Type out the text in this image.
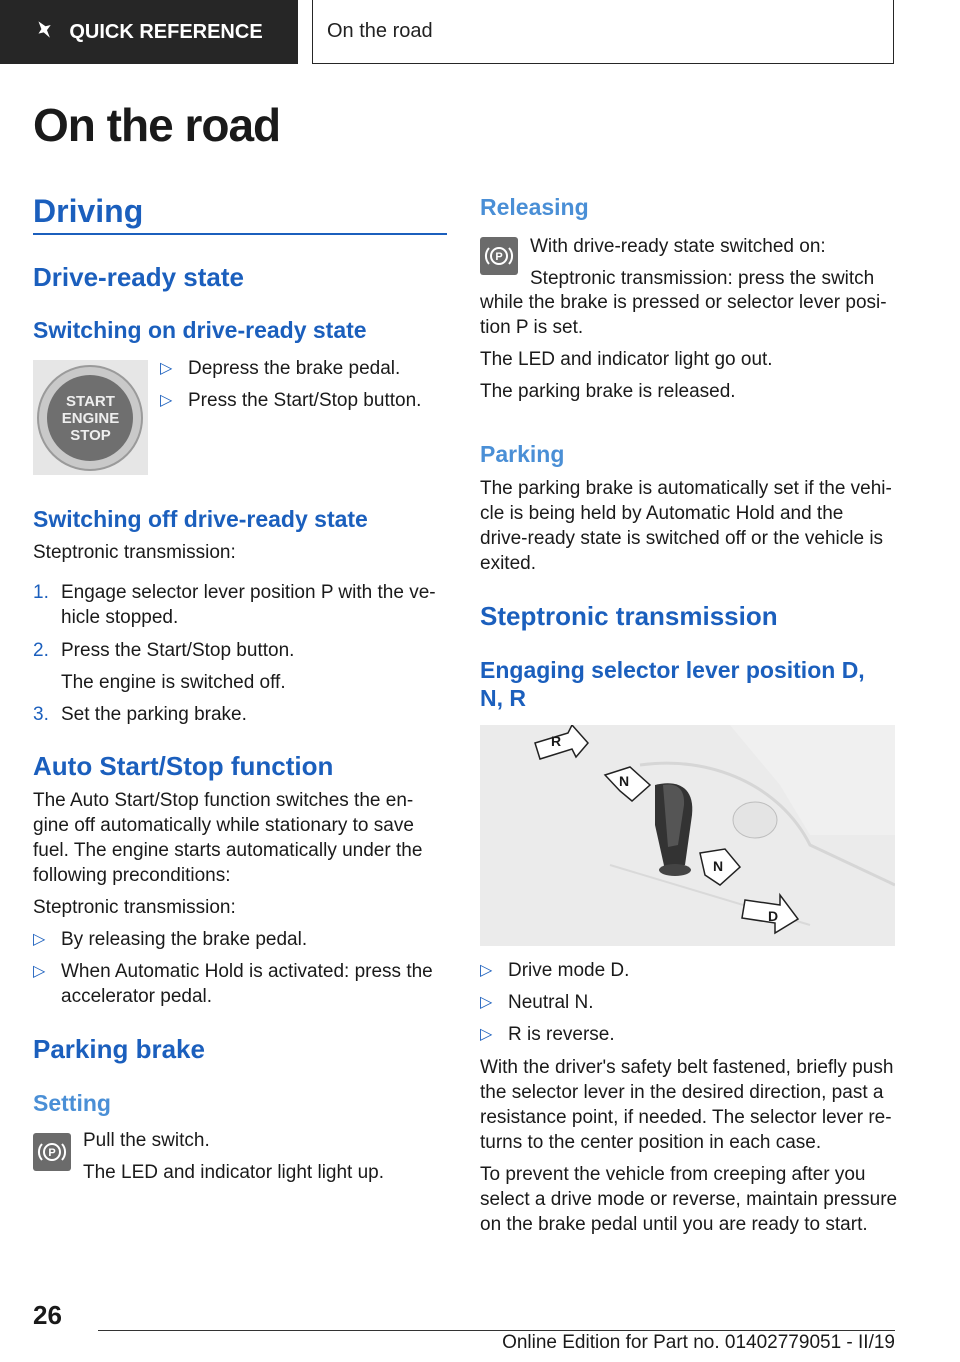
QUICK REFERENCE	On the road
On the road
Driving
Drive-ready state
Switching on drive-ready state
START
ENGINE
STOP
▷ Depress the brake pedal.
▷ Press the Start/Stop button.
Switching off drive-ready state
Steptronic transmission:
1. Engage selector lever position P with the ve-
hicle stopped.
2. Press the Start/Stop button.
The engine is switched off.
3. Set the parking brake.
Auto Start/Stop function
The Auto Start/Stop function switches the en-
gine off automatically while stationary to save
fuel. The engine starts automatically under the
following preconditions:
Steptronic transmission:
▷ By releasing the brake pedal.
▷ When Automatic Hold is activated: press the
accelerator pedal.
Parking brake
Setting
P
Pull the switch.
The LED and indicator light light up.
Releasing
P With drive-ready state switched on:
Steptronic transmission: press the switch
while the brake is pressed or selector lever posi-
tion P is set.
The LED and indicator light go out.
The parking brake is released.
Parking
The parking brake is automatically set if the vehi-
cle is being held by Automatic Hold and the
drive-ready state is switched off or the vehicle is
exited.
Steptronic transmission
Engaging selector lever position D,
N, R
R
N
N
D
▷ Drive mode D.
▷ Neutral N.
▷ R is reverse.
With the driver's safety belt fastened, briefly push
the selector lever in the desired direction, past a
resistance point, if needed. The selector lever re-
turns to the center position in each case.
To prevent the vehicle from creeping after you
select a drive mode or reverse, maintain pressure
on the brake pedal until you are ready to start.
26
Online Edition for Part no. 01402779051 - II/19
